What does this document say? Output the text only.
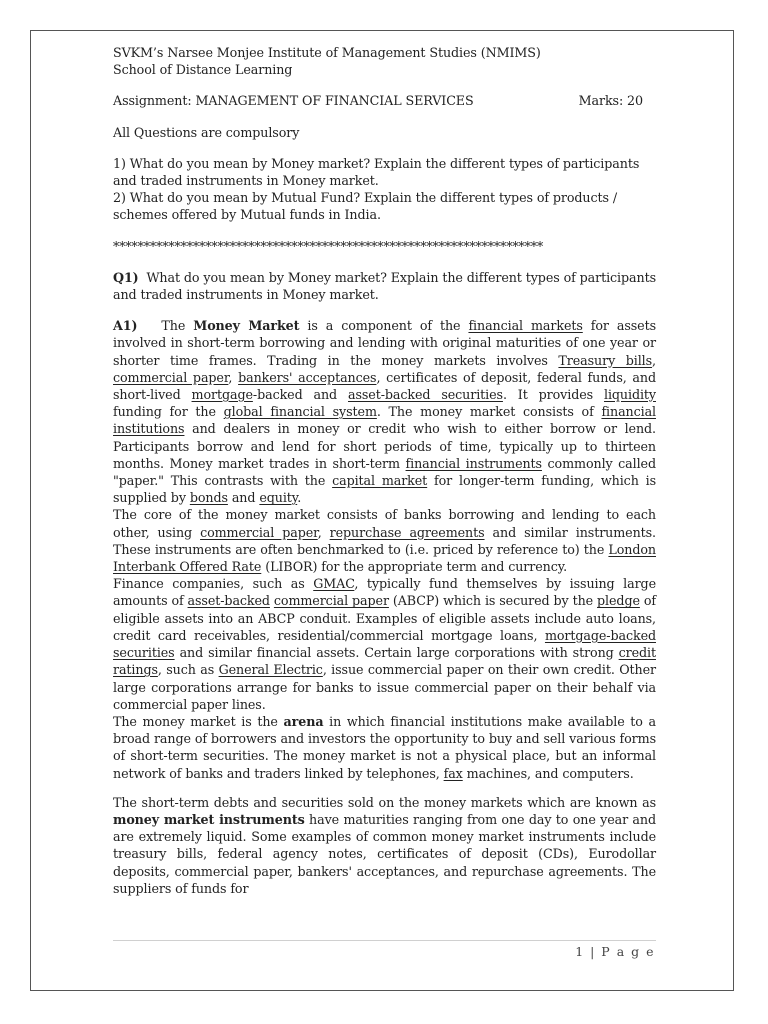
SVKM’s Narsee Monjee Institute of Management Studies (NMIMS)

School of Distance Learning

Assignment: MANAGEMENT OF FINANCIAL SERVICES	Marks: 20

All Questions are compulsory

1) What do you mean by Money market? Explain the different types of participants and traded instruments in Money market.

2) What do you mean by Mutual Fund? Explain the different types of products / schemes offered by Mutual funds in India.

**********************************************************************

Q1) What do you mean by Money market? Explain the different types of participants and traded instruments in Money market.

A1) The Money Market is a component of the financial markets for assets involved in short-term borrowing and lending with original maturities of one year or shorter time frames. Trading in the money markets involves Treasury bills, commercial paper, bankers' acceptances, certificates of deposit, federal funds, and short-lived mortgage-backed and asset-backed securities. It provides liquidity funding for the global financial system. The money market consists of financial institutions and dealers in money or credit who wish to either borrow or lend. Participants borrow and lend for short periods of time, typically up to thirteen months. Money market trades in short-term financial instruments commonly called "paper." This contrasts with the capital market for longer-term funding, which is supplied by bonds and equity.

The core of the money market consists of banks borrowing and lending to each other, using commercial paper, repurchase agreements and similar instruments. These instruments are often benchmarked to (i.e. priced by reference to) the London Interbank Offered Rate (LIBOR) for the appropriate term and currency.

Finance companies, such as GMAC, typically fund themselves by issuing large amounts of asset-backed commercial paper (ABCP) which is secured by the pledge of eligible assets into an ABCP conduit. Examples of eligible assets include auto loans, credit card receivables, residential/commercial mortgage loans, mortgage-backed securities and similar financial assets. Certain large corporations with strong credit ratings, such as General Electric, issue commercial paper on their own credit. Other large corporations arrange for banks to issue commercial paper on their behalf via commercial paper lines.

The money market is the arena in which financial institutions make available to a broad range of borrowers and investors the opportunity to buy and sell various forms of short-term securities. The money market is not a physical place, but an informal network of banks and traders linked by telephones, fax machines, and computers.

The short-term debts and securities sold on the money markets which are known as money market instruments have maturities ranging from one day to one year and are extremely liquid. Some examples of common money market instruments include treasury bills, federal agency notes, certificates of deposit (CDs), Eurodollar deposits, commercial paper, bankers' acceptances, and repurchase agreements. The suppliers of funds for

1 | P a g e
